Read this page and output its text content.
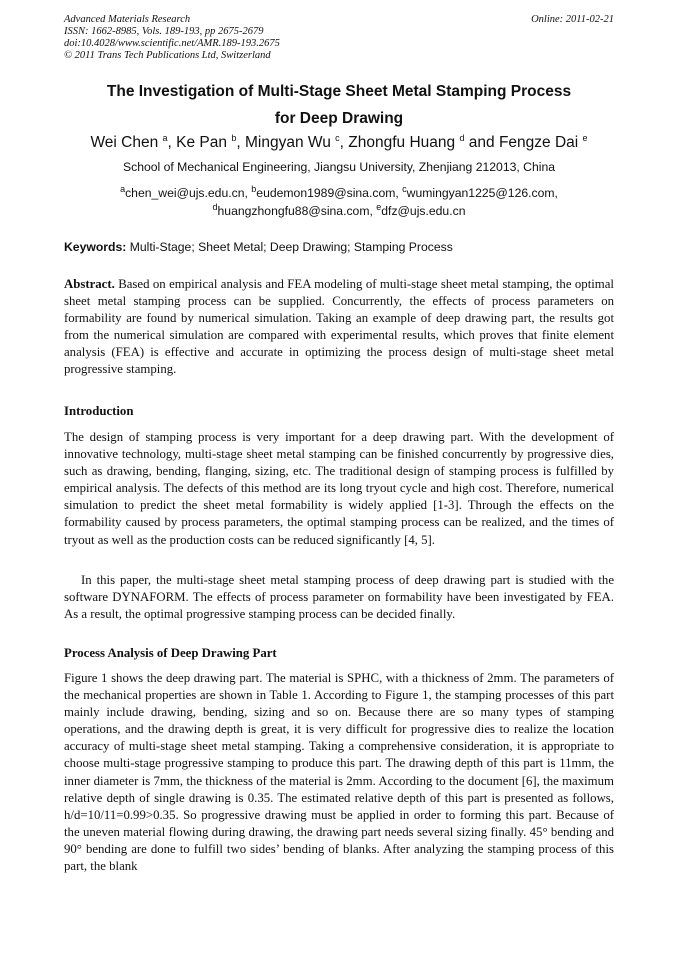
Advanced Materials Research
ISSN: 1662-8985, Vols. 189-193, pp 2675-2679
doi:10.4028/www.scientific.net/AMR.189-193.2675
© 2011 Trans Tech Publications Ltd, Switzerland
Online: 2011-02-21
The Investigation of Multi-Stage Sheet Metal Stamping Process
for Deep Drawing
Wei Chen $^a$, Ke Pan $^b$, Mingyan Wu $^c$, Zhongfu Huang $^d$ and Fengze Dai $^e$
School of Mechanical Engineering, Jiangsu University, Zhenjiang 212013, China
$^a$chen_wei@ujs.edu.cn, $^b$eudemon1989@sina.com, $^c$wumingyan1225@126.com,
$^d$huangzhongfu88@sina.com, $^e$dfz@ujs.edu.cn
Keywords: Multi-Stage; Sheet Metal; Deep Drawing; Stamping Process
Abstract. Based on empirical analysis and FEA modeling of multi-stage sheet metal stamping, the optimal sheet metal stamping process can be supplied. Concurrently, the effects of process parameters on formability are found by numerical simulation. Taking an example of deep drawing part, the results got from the numerical simulation are compared with experimental results, which proves that finite element analysis (FEA) is effective and accurate in optimizing the process design of multi-stage sheet metal progressive stamping.
Introduction
The design of stamping process is very important for a deep drawing part. With the development of innovative technology, multi-stage sheet metal stamping can be finished concurrently by progressive dies, such as drawing, bending, flanging, sizing, etc. The traditional design of stamping process is fulfilled by empirical analysis. The defects of this method are its long tryout cycle and high cost. Therefore, numerical simulation to predict the sheet metal formability is widely applied [1-3]. Through the effects on the formability caused by process parameters, the optimal stamping process can be realized, and the times of tryout as well as the production costs can be reduced significantly [4, 5].
In this paper, the multi-stage sheet metal stamping process of deep drawing part is studied with the software DYNAFORM. The effects of process parameter on formability have been investigated by FEA. As a result, the optimal progressive stamping process can be decided finally.
Process Analysis of Deep Drawing Part
Figure 1 shows the deep drawing part. The material is SPHC, with a thickness of 2mm. The parameters of the mechanical properties are shown in Table 1. According to Figure 1, the stamping processes of this part mainly include drawing, bending, sizing and so on. Because there are so many types of stamping operations, and the drawing depth is great, it is very difficult for progressive dies to realize the location accuracy of multi-stage sheet metal stamping. Taking a comprehensive consideration, it is appropriate to choose multi-stage progressive stamping to produce this part. The drawing depth of this part is 11mm, the inner diameter is 7mm, the thickness of the material is 2mm. According to the document [6], the maximum relative depth of single drawing is 0.35. The estimated relative depth of this part is presented as follows, h/d=10/11=0.99>0.35. So progressive drawing must be applied in order to forming this part. Because of the uneven material flowing during drawing, the drawing part needs several sizing finally. 45° bending and 90° bending are done to fulfill two sides’ bending of blanks. After analyzing the stamping process of this part, the blank
